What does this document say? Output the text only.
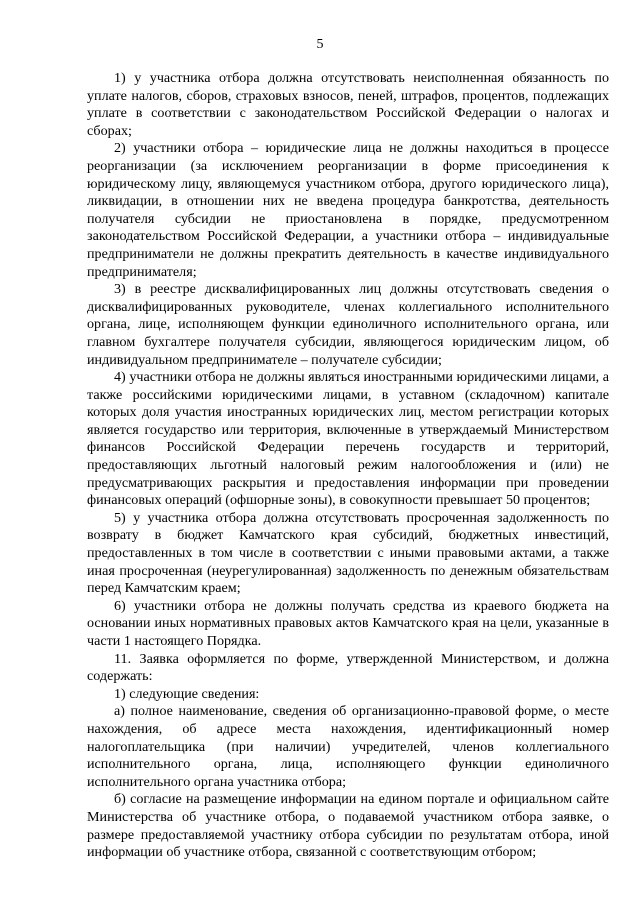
5

1) у участника отбора должна отсутствовать неисполненная обязанность по уплате налогов, сборов, страховых взносов, пеней, штрафов, процентов, подлежащих уплате в соответствии с законодательством Российской Федерации о налогах и сборах;

2) участники отбора – юридические лица не должны находиться в процессе реорганизации (за исключением реорганизации в форме присоединения к юридическому лицу, являющемуся участником отбора, другого юридического лица), ликвидации, в отношении них не введена процедура банкротства, деятельность получателя субсидии не приостановлена в порядке, предусмотренном законодательством Российской Федерации, а участники отбора – индивидуальные предприниматели не должны прекратить деятельность в качестве индивидуального предпринимателя;

3) в реестре дисквалифицированных лиц должны отсутствовать сведения о дисквалифицированных руководителе, членах коллегиального исполнительного органа, лице, исполняющем функции единоличного исполнительного органа, или главном бухгалтере получателя субсидии, являющегося юридическим лицом, об индивидуальном предпринимателе – получателе субсидии;

4) участники отбора не должны являться иностранными юридическими лицами, а также российскими юридическими лицами, в уставном (складочном) капитале которых доля участия иностранных юридических лиц, местом регистрации которых является государство или территория, включенные в утверждаемый Министерством финансов Российской Федерации перечень государств и территорий, предоставляющих льготный налоговый режим налогообложения и (или) не предусматривающих раскрытия и предоставления информации при проведении финансовых операций (офшорные зоны), в совокупности превышает 50 процентов;

5) у участника отбора должна отсутствовать просроченная задолженность по возврату в бюджет Камчатского края субсидий, бюджетных инвестиций, предоставленных в том числе в соответствии с иными правовыми актами, а также иная просроченная (неурегулированная) задолженность по денежным обязательствам перед Камчатским краем;

6) участники отбора не должны получать средства из краевого бюджета на основании иных нормативных правовых актов Камчатского края на цели, указанные в части 1 настоящего Порядка.

11. Заявка оформляется по форме, утвержденной Министерством, и должна содержать:

1) следующие сведения:

а) полное наименование, сведения об организационно-правовой форме, о месте нахождения, об адресе места нахождения, идентификационный номер налогоплательщика (при наличии) учредителей, членов коллегиального исполнительного органа, лица, исполняющего функции единоличного исполнительного органа участника отбора;

б) согласие на размещение информации на едином портале и официальном сайте Министерства об участнике отбора, о подаваемой участником отбора заявке, о размере предоставляемой участнику отбора субсидии по результатам отбора, иной информации об участнике отбора, связанной с соответствующим отбором;
